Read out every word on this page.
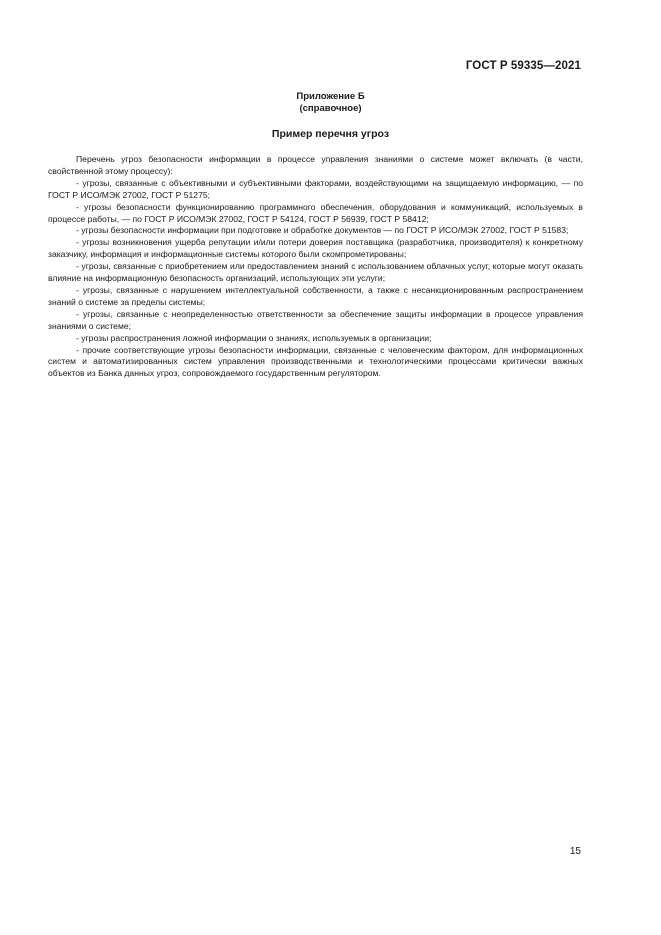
ГОСТ Р 59335—2021
Приложение Б
(справочное)
Пример перечня угроз

Перечень угроз безопасности информации в процессе управления знаниями о системе может включать (в части, свойственной этому процессу):

- угрозы, связанные с объективными и субъективными факторами, воздействующими на защищаемую информацию, — по ГОСТ Р ИСО/МЭК 27002, ГОСТ Р 51275;

- угрозы безопасности функционированию программного обеспечения, оборудования и коммуникаций, используемых в процессе работы, — по ГОСТ Р ИСО/МЭК 27002, ГОСТ Р 54124, ГОСТ Р 56939, ГОСТ Р 58412;

- угрозы безопасности информации при подготовке и обработке документов — по ГОСТ Р ИСО/МЭК 27002, ГОСТ Р 51583;

- угрозы возникновения ущерба репутации и/или потери доверия поставщика (разработчика, производителя) к конкретному заказчику, информация и информационные системы которого были скомпрометированы;

- угрозы, связанные с приобретением или предоставлением знаний с использованием облачных услуг, которые могут оказать влияние на информационную безопасность организаций, использующих эти услуги;

- угрозы, связанные с нарушением интеллектуальной собственности, а также с несанкционированным распространением знаний о системе за пределы системы;

- угрозы, связанные с неопределенностью ответственности за обеспечение защиты информации в процессе управления знаниями о системе;

- угрозы распространения ложной информации о знаниях, используемых в организации;

- прочие соответствующие угрозы безопасности информации, связанные с человеческим фактором, для информационных систем и автоматизированных систем управления производственными и технологическими процессами критически важных объектов из Банка данных угроз, сопровождаемого государственным регулятором.

15
